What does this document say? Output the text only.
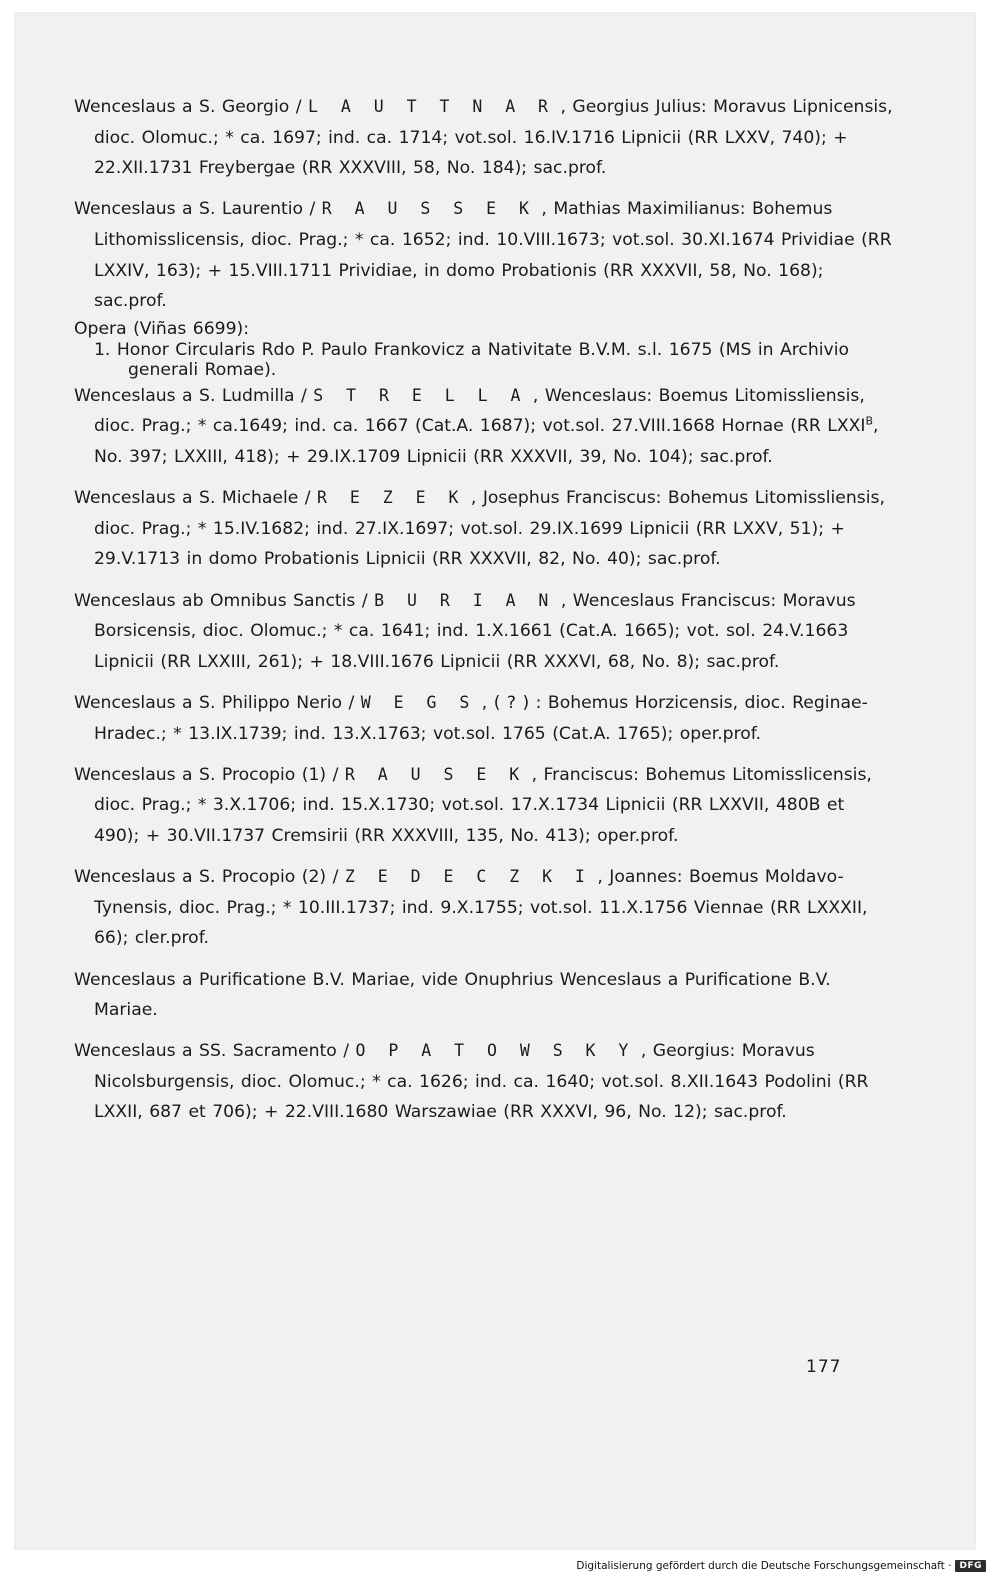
Wenceslaus a S. Georgio / L A U T T N A R , Georgius Julius: Moravus Lipnicensis, dioc. Olomuc.; * ca. 1697; ind. ca. 1714; vot.sol. 16.IV.1716 Lipnicii (RR LXXV, 740); + 22.XII.1731 Freybergae (RR XXXVIII, 58, No. 184); sac.prof.

Wenceslaus a S. Laurentio / R A U S S E K , Mathias Maximilianus: Bohemus Lithomisslicensis, dioc. Prag.; * ca. 1652; ind. 10.VIII.1673; vot.sol. 30.XI.1674 Prividiae (RR LXXIV, 163); + 15.VIII.1711 Prividiae, in domo Probationis (RR XXXVII, 58, No. 168); sac.prof.

Opera (Viñas 6699):
1. Honor Circularis Rdo P. Paulo Frankovicz a Nativitate B.V.M. s.l. 1675 (MS in Archivio generali Romae).

Wenceslaus a S. Ludmilla / S T R E L L A , Wenceslaus: Boemus Litomissliensis, dioc. Prag.; * ca.1649; ind. ca. 1667 (Cat.A. 1687); vot.sol. 27.VIII.1668 Hornae (RR $LXXI^B$, No. 397; LXXIII, 418); + 29.IX.1709 Lipnicii (RR XXXVII, 39, No. 104); sac.prof.

Wenceslaus a S. Michaele / R E Z E K , Josephus Franciscus: Bohemus Litomissliensis, dioc. Prag.; * 15.IV.1682; ind. 27.IX.1697; vot.sol. 29.IX.1699 Lipnicii (RR LXXV, 51); + 29.V.1713 in domo Probationis Lipnicii (RR XXXVII, 82, No. 40); sac.prof.

Wenceslaus ab Omnibus Sanctis / B U R I A N , Wenceslaus Franciscus: Moravus Borsicensis, dioc. Olomuc.; * ca. 1641; ind. 1.X.1661 (Cat.A. 1665); vot. sol. 24.V.1663 Lipnicii (RR LXXIII, 261); + 18.VIII.1676 Lipnicii (RR XXXVI, 68, No. 8); sac.prof.

Wenceslaus a S. Philippo Nerio / W E G S , ( ? ) : Bohemus Horzicensis, dioc. Reginae-Hradec.; * 13.IX.1739; ind. 13.X.1763; vot.sol. 1765 (Cat.A. 1765); oper.prof.

Wenceslaus a S. Procopio (1) / R A U S E K , Franciscus: Bohemus Litomisslicensis, dioc. Prag.; * 3.X.1706; ind. 15.X.1730; vot.sol. 17.X.1734 Lipnicii (RR LXXVII, 480B et 490); + 30.VII.1737 Cremsirii (RR XXXVIII, 135, No. 413); oper.prof.

Wenceslaus a S. Procopio (2) / Z E D E C Z K I , Joannes: Boemus Moldavo-Tynensis, dioc. Prag.; * 10.III.1737; ind. 9.X.1755; vot.sol. 11.X.1756 Viennae (RR LXXXII, 66); cler.prof.

Wenceslaus a Purificatione B.V. Mariae, vide Onuphrius Wenceslaus a Purificatione B.V. Mariae.

Wenceslaus a SS. Sacramento / O P A T O W S K Y , Georgius: Moravus Nicolsburgensis, dioc. Olomuc.; * ca. 1626; ind. ca. 1640; vot.sol. 8.XII.1643 Podolini (RR LXXII, 687 et 706); + 22.VIII.1680 Warszawiae (RR XXXVI, 96, No. 12); sac.prof.

177
Digitalisierung gefördert durch die Deutsche Forschungsgemeinschaft · DFG
